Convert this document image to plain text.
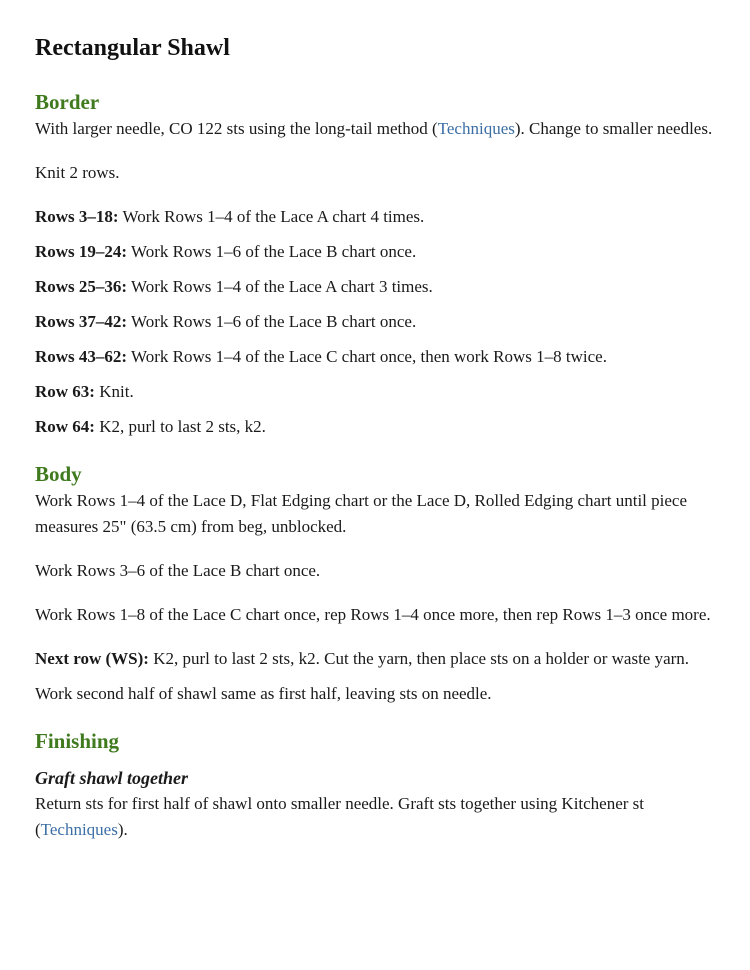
Rectangular Shawl
Border

With larger needle, CO 122 sts using the long-tail method (Techniques). Change to smaller needles.

Knit 2 rows.

Rows 3–18: Work Rows 1–4 of the Lace A chart 4 times.

Rows 19–24: Work Rows 1–6 of the Lace B chart once.

Rows 25–36: Work Rows 1–4 of the Lace A chart 3 times.

Rows 37–42: Work Rows 1–6 of the Lace B chart once.

Rows 43–62: Work Rows 1–4 of the Lace C chart once, then work Rows 1–8 twice.

Row 63: Knit.

Row 64: K2, purl to last 2 sts, k2.

Body

Work Rows 1–4 of the Lace D, Flat Edging chart or the Lace D, Rolled Edging chart until piece measures 25" (63.5 cm) from beg, unblocked.

Work Rows 3–6 of the Lace B chart once.

Work Rows 1–8 of the Lace C chart once, rep Rows 1–4 once more, then rep Rows 1–3 once more.

Next row (WS): K2, purl to last 2 sts, k2. Cut the yarn, then place sts on a holder or waste yarn.

Work second half of shawl same as first half, leaving sts on needle.

Finishing
Graft shawl together

Return sts for first half of shawl onto smaller needle. Graft sts together using Kitchener st (Techniques).
